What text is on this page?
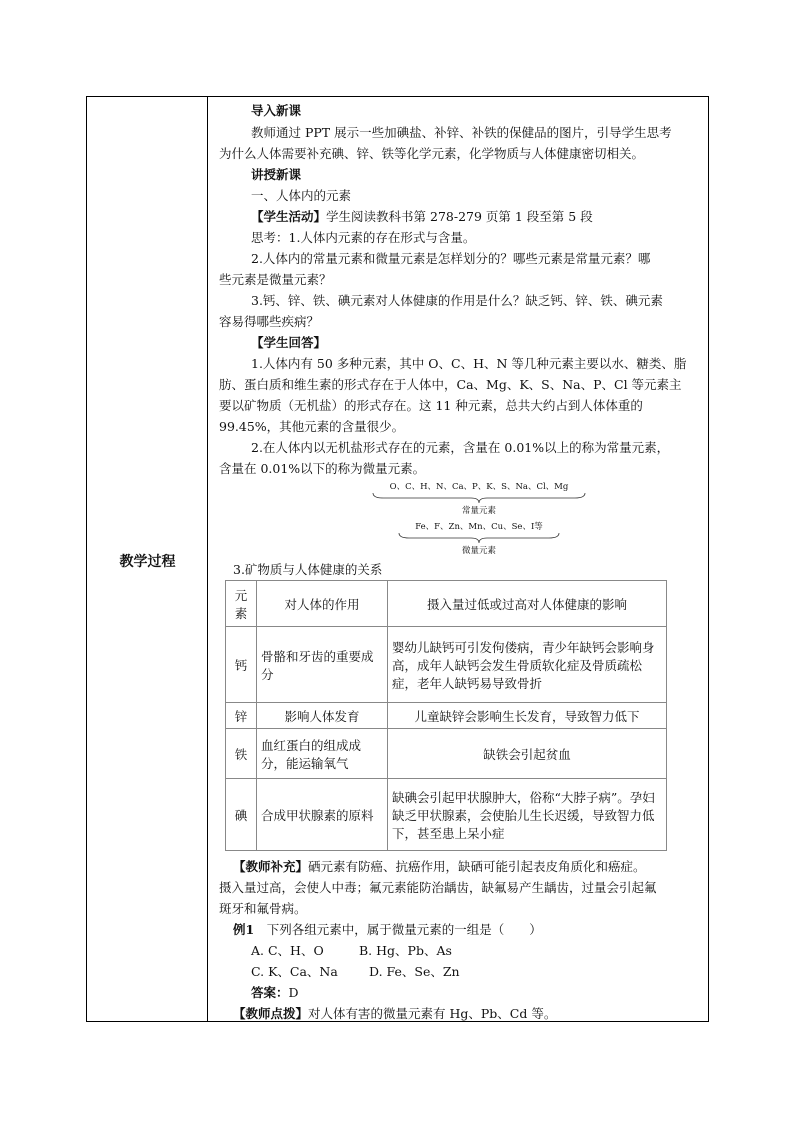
教学过程
导入新课
教师通过 PPT 展示一些加碘盐、补锌、补铁的保健品的图片，引导学生思考
为什么人体需要补充碘、锌、铁等化学元素，化学物质与人体健康密切相关。
讲授新课
一、人体内的元素
【学生活动】学生阅读教科书第 278-279 页第 1 段至第 5 段
思考：1.人体内元素的存在形式与含量。
2.人体内的常量元素和微量元素是怎样划分的？哪些元素是常量元素？哪
些元素是微量元素？
3.钙、锌、铁、碘元素对人体健康的作用是什么？缺乏钙、锌、铁、碘元素
容易得哪些疾病？
【学生回答】
1.人体内有 50 多种元素，其中 O、C、H、N 等几种元素主要以水、糖类、脂
肪、蛋白质和维生素的形式存在于人体中，Ca、Mg、K、S、Na、P、Cl 等元素主
要以矿物质（无机盐）的形式存在。这 11 种元素，总共大约占到人体体重的
99.45%，其他元素的含量很少。
2.在人体内以无机盐形式存在的元素，含量在 0.01%以上的称为常量元素，
含量在 0.01%以下的称为微量元素。
O、C、H、N、Ca、P、K、S、Na、Cl、Mg
常量元素
Fe、F、Zn、Mn、Cu、Se、I等
微量元素
3.矿物质与人体健康的关系
元素	对人体的作用	摄入量过低或过高对人体健康的影响
钙	骨骼和牙齿的重要成分	婴幼儿缺钙可引发佝偻病，青少年缺钙会影响身高，成年人缺钙会发生骨质软化症及骨质疏松症，老年人缺钙易导致骨折
锌	影响人体发育	儿童缺锌会影响生长发育，导致智力低下
铁	血红蛋白的组成成分，能运输氧气	缺铁会引起贫血
碘	合成甲状腺素的原料	缺碘会引起甲状腺肿大，俗称“大脖子病”。孕妇缺乏甲状腺素，会使胎儿生长迟缓，导致智力低下，甚至患上呆小症
【教师补充】硒元素有防癌、抗癌作用，缺硒可能引起表皮角质化和癌症。
摄入量过高，会使人中毒；氟元素能防治龋齿，缺氟易产生龋齿，过量会引起氟
斑牙和氟骨病。
例1　 下列各组元素中，属于微量元素的一组是（　　）
A. C、H、O	B. Hg、Pb、As
C. K、Ca、Na D. Fe、Se、Zn
答案：D
【教师点拨】对人体有害的微量元素有 Hg、Pb、Cd 等。
